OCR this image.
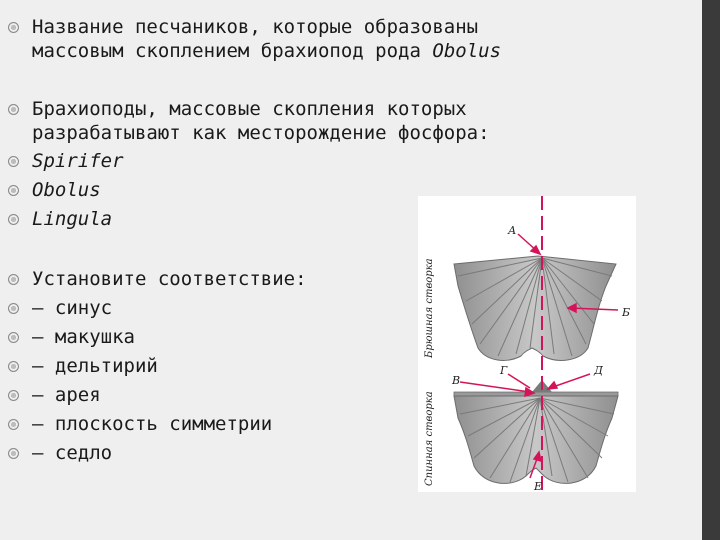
Название песчаников, которые образованы
массовым скоплением брахиопод рода Obolus
Брахиоподы, массовые скопления которых
разрабатывают как месторождение фосфора:
Spirifer
Obolus
Lingula
Установите соответствие:
– синус
– макушка
– дельтирий
– арея
– плоскость симметрии
– седло
А
Б
В
Г	Д
Е
Брюшная створка
Спинная створка
